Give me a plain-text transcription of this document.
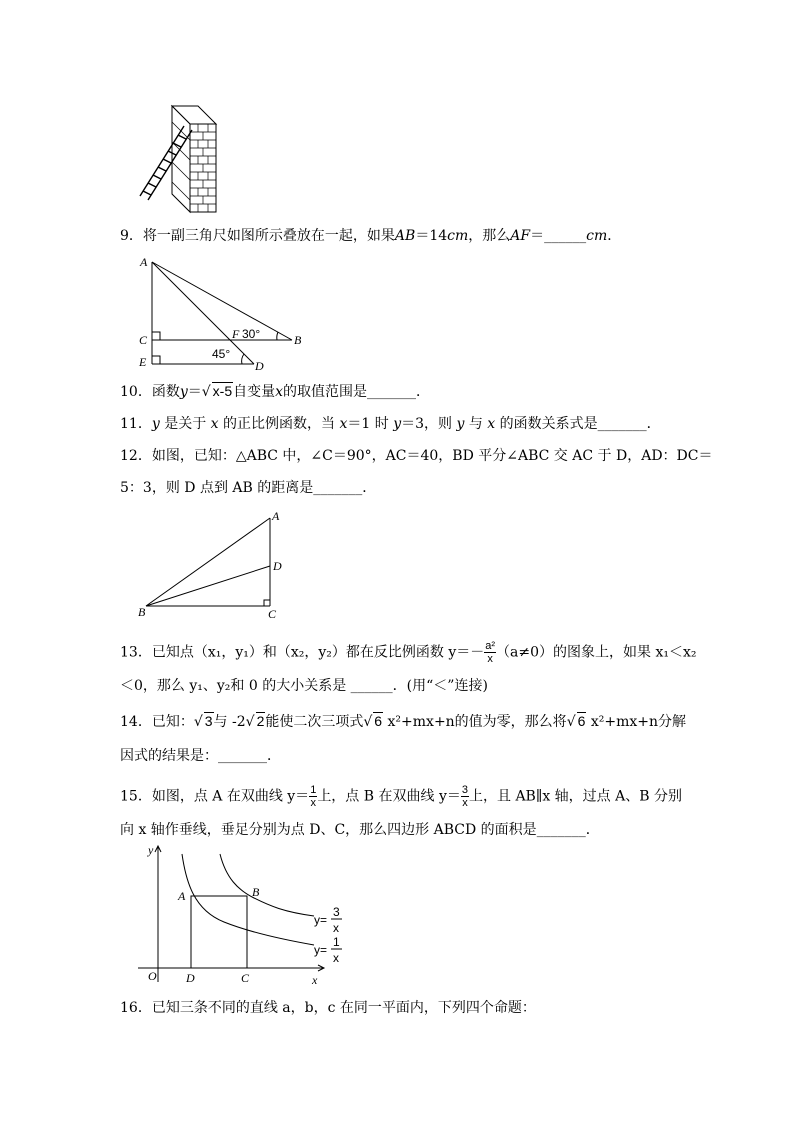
9．将一副三角尺如图所示叠放在一起，如果AB＝14cm，那么AF＝______cm．
A
C
E
F 30°	B
45°
D
10．函数y＝√ x-5自变量x的取值范围是_______．
11．y 是关于 x 的正比例函数，当 x＝1 时 y＝3，则 y 与 x 的函数关系式是_______．
12．如图，已知：△ABC 中，∠C＝90°，AC＝40，BD 平分∠ABC 交 AC 于 D，AD：DC＝
5：3，则 D 点到 AB 的距离是_______．
A
D
B	C
13．已知点（x₁，y₁）和（x₂，y₂）都在反比例函数 $y=- \frac{\text{a²}}{x} (a\ne 0)$的图象上，如果 x₁＜x₂
＜0，那么 y₁、y₂和 0 的大小关系是 ______．(用“＜”连接)
14．已知：√ 3与 -2√ 2能使二次三项式√ 6 x²+mx+n的值为零，那么将√ 6 x²+mx+n分解
因式的结果是：_______．
15．如图，点 A 在双曲线 $y= \frac{1}{x}$ 上，点 B 在双曲线 $y= \frac{3}{x}$ 上，且 AB∥x 轴，过点 A、B 分别
向 x 轴作垂线，垂足分别为点 D、C，那么四边形 ABCD 的面积是_______．
y
x
O
A	B
D	C
y=
3
x
y=
1
x
16．已知三条不同的直线 a，b，c 在同一平面内，下列四个命题：
